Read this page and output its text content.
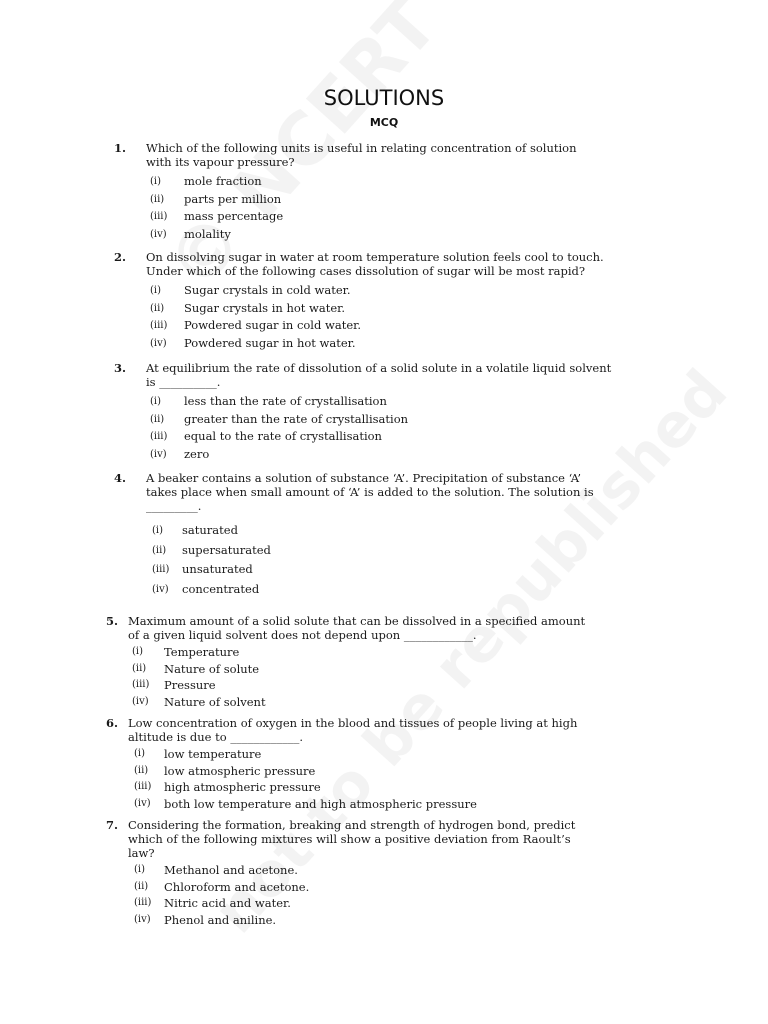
SOLUTIONS
MCQ
1. Which of the following units is useful in relating concentration of solution
with its vapour pressure?
(i) mole fraction
(ii) parts per million
(iii) mass percentage
(iv) molality
2. On dissolving sugar in water at room temperature solution feels cool to touch.
Under which of the following cases dissolution of sugar will be most rapid?
(i) Sugar crystals in cold water.
(ii) Sugar crystals in hot water.
(iii) Powdered sugar in cold water.
(iv) Powdered sugar in hot water.
3. At equilibrium the rate of dissolution of a solid solute in a volatile liquid solvent
is __________.
(i) less than the rate of crystallisation
(ii) greater than the rate of crystallisation
(iii) equal to the rate of crystallisation
(iv) zero
4. A beaker contains a solution of substance ‘A’. Precipitation of substance ‘A’
takes place when small amount of ‘A’ is added to the solution. The solution is
_________.
(i) saturated
(ii) supersaturated
(iii) unsaturated
(iv) concentrated
5. Maximum amount of a solid solute that can be dissolved in a specified amount
of a given liquid solvent does not depend upon ____________.
(i) Temperature
(ii) Nature of solute
(iii) Pressure
(iv) Nature of solvent
6. Low concentration of oxygen in the blood and tissues of people living at high
altitude is due to ____________.
(i) low temperature
(ii) low atmospheric pressure
(iii) high atmospheric pressure
(iv) both low temperature and high atmospheric pressure
7. Considering the formation, breaking and strength of hydrogen bond, predict
which of the following mixtures will show a positive deviation from Raoult’s
law?
(i) Methanol and acetone.
(ii) Chloroform and acetone.
(iii) Nitric acid and water.
(iv) Phenol and aniline.
